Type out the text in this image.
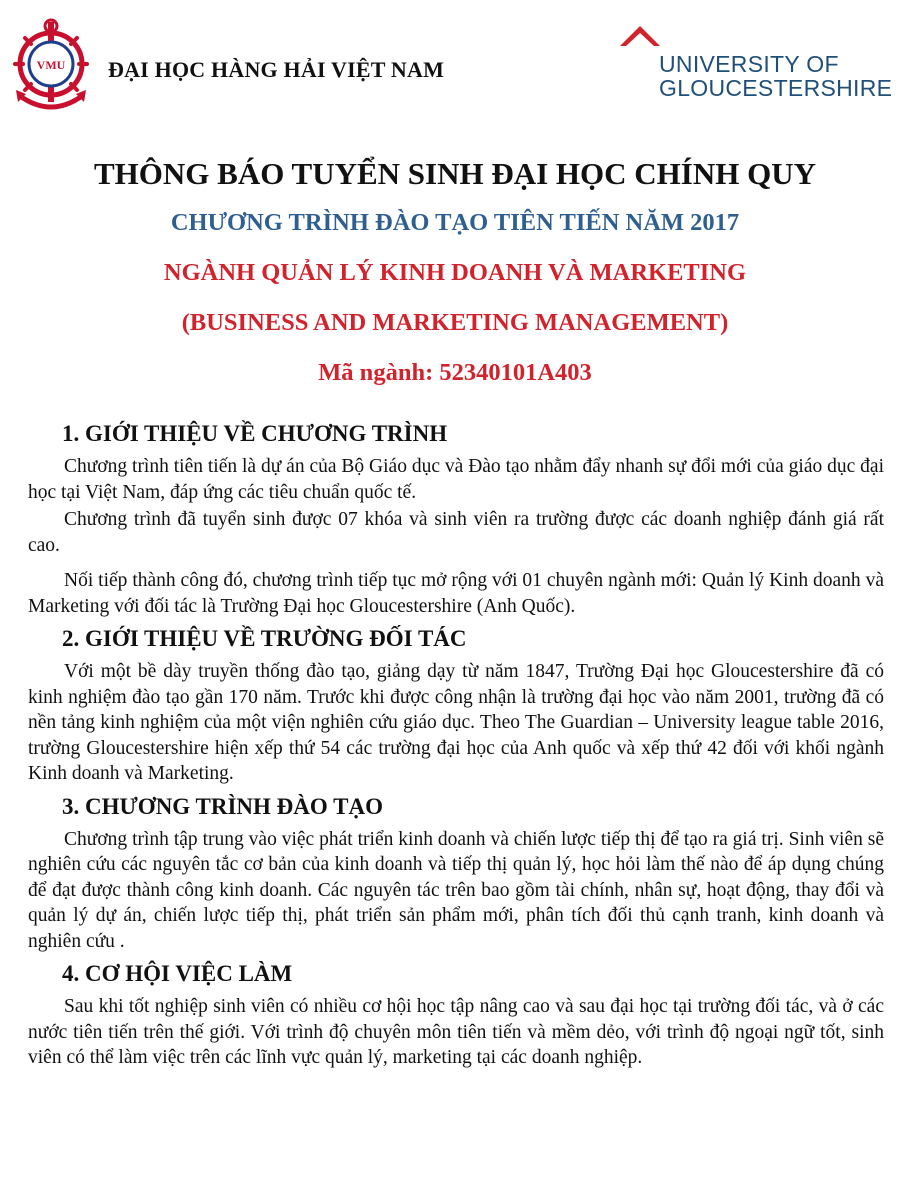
VMU ĐẠI HỌC HÀNG HẢI VIỆT NAM	UNIVERSITY OF
GLOUCESTERSHIRE

THÔNG BÁO TUYỂN SINH ĐẠI HỌC CHÍNH QUY

CHƯƠNG TRÌNH ĐÀO TẠO TIÊN TIẾN NĂM 2017

NGÀNH QUẢN LÝ KINH DOANH VÀ MARKETING

(BUSINESS AND MARKETING MANAGEMENT)

Mã ngành: 52340101A403

1. GIỚI THIỆU VỀ CHƯƠNG TRÌNH

Chương trình tiên tiến là dự án của Bộ Giáo dục và Đào tạo nhằm đẩy nhanh sự đổi mới của giáo dục đại học tại Việt Nam, đáp ứng các tiêu chuẩn quốc tế.

Chương trình đã tuyển sinh được 07 khóa và sinh viên ra trường được các doanh nghiệp đánh giá rất cao.

Nối tiếp thành công đó, chương trình tiếp tục mở rộng với 01 chuyên ngành mới: Quản lý Kinh doanh và Marketing với đối tác là Trường Đại học Gloucestershire (Anh Quốc).

2. GIỚI THIỆU VỀ TRƯỜNG ĐỐI TÁC

Với một bề dày truyền thống đào tạo, giảng dạy từ năm 1847, Trường Đại học Gloucestershire đã có kinh nghiệm đào tạo gần 170 năm. Trước khi được công nhận là trường đại học vào năm 2001, trường đã có nền tảng kinh nghiệm của một viện nghiên cứu giáo dục. Theo The Guardian – University league table 2016, trường Gloucestershire hiện xếp thứ 54 các trường đại học của Anh quốc và xếp thứ 42 đối với khối ngành Kinh doanh và Marketing.

3. CHƯƠNG TRÌNH ĐÀO TẠO

Chương trình tập trung vào việc phát triển kinh doanh và chiến lược tiếp thị để tạo ra giá trị. Sinh viên sẽ nghiên cứu các nguyên tắc cơ bản của kinh doanh và tiếp thị quản lý, học hỏi làm thế nào để áp dụng chúng để đạt được thành công kinh doanh. Các nguyên tác trên bao gồm tài chính, nhân sự, hoạt động, thay đổi và quản lý dự án, chiến lược tiếp thị, phát triển sản phẩm mới, phân tích đối thủ cạnh tranh, kinh doanh và nghiên cứu .

4. CƠ HỘI VIỆC LÀM

Sau khi tốt nghiệp sinh viên có nhiều cơ hội học tập nâng cao và sau đại học tại trường đối tác, và ở các nước tiên tiến trên thế giới. Với trình độ chuyên môn tiên tiến và mềm dẻo, với trình độ ngoại ngữ tốt, sinh viên có thể làm việc trên các lĩnh vực quản lý, marketing tại các doanh nghiệp.
